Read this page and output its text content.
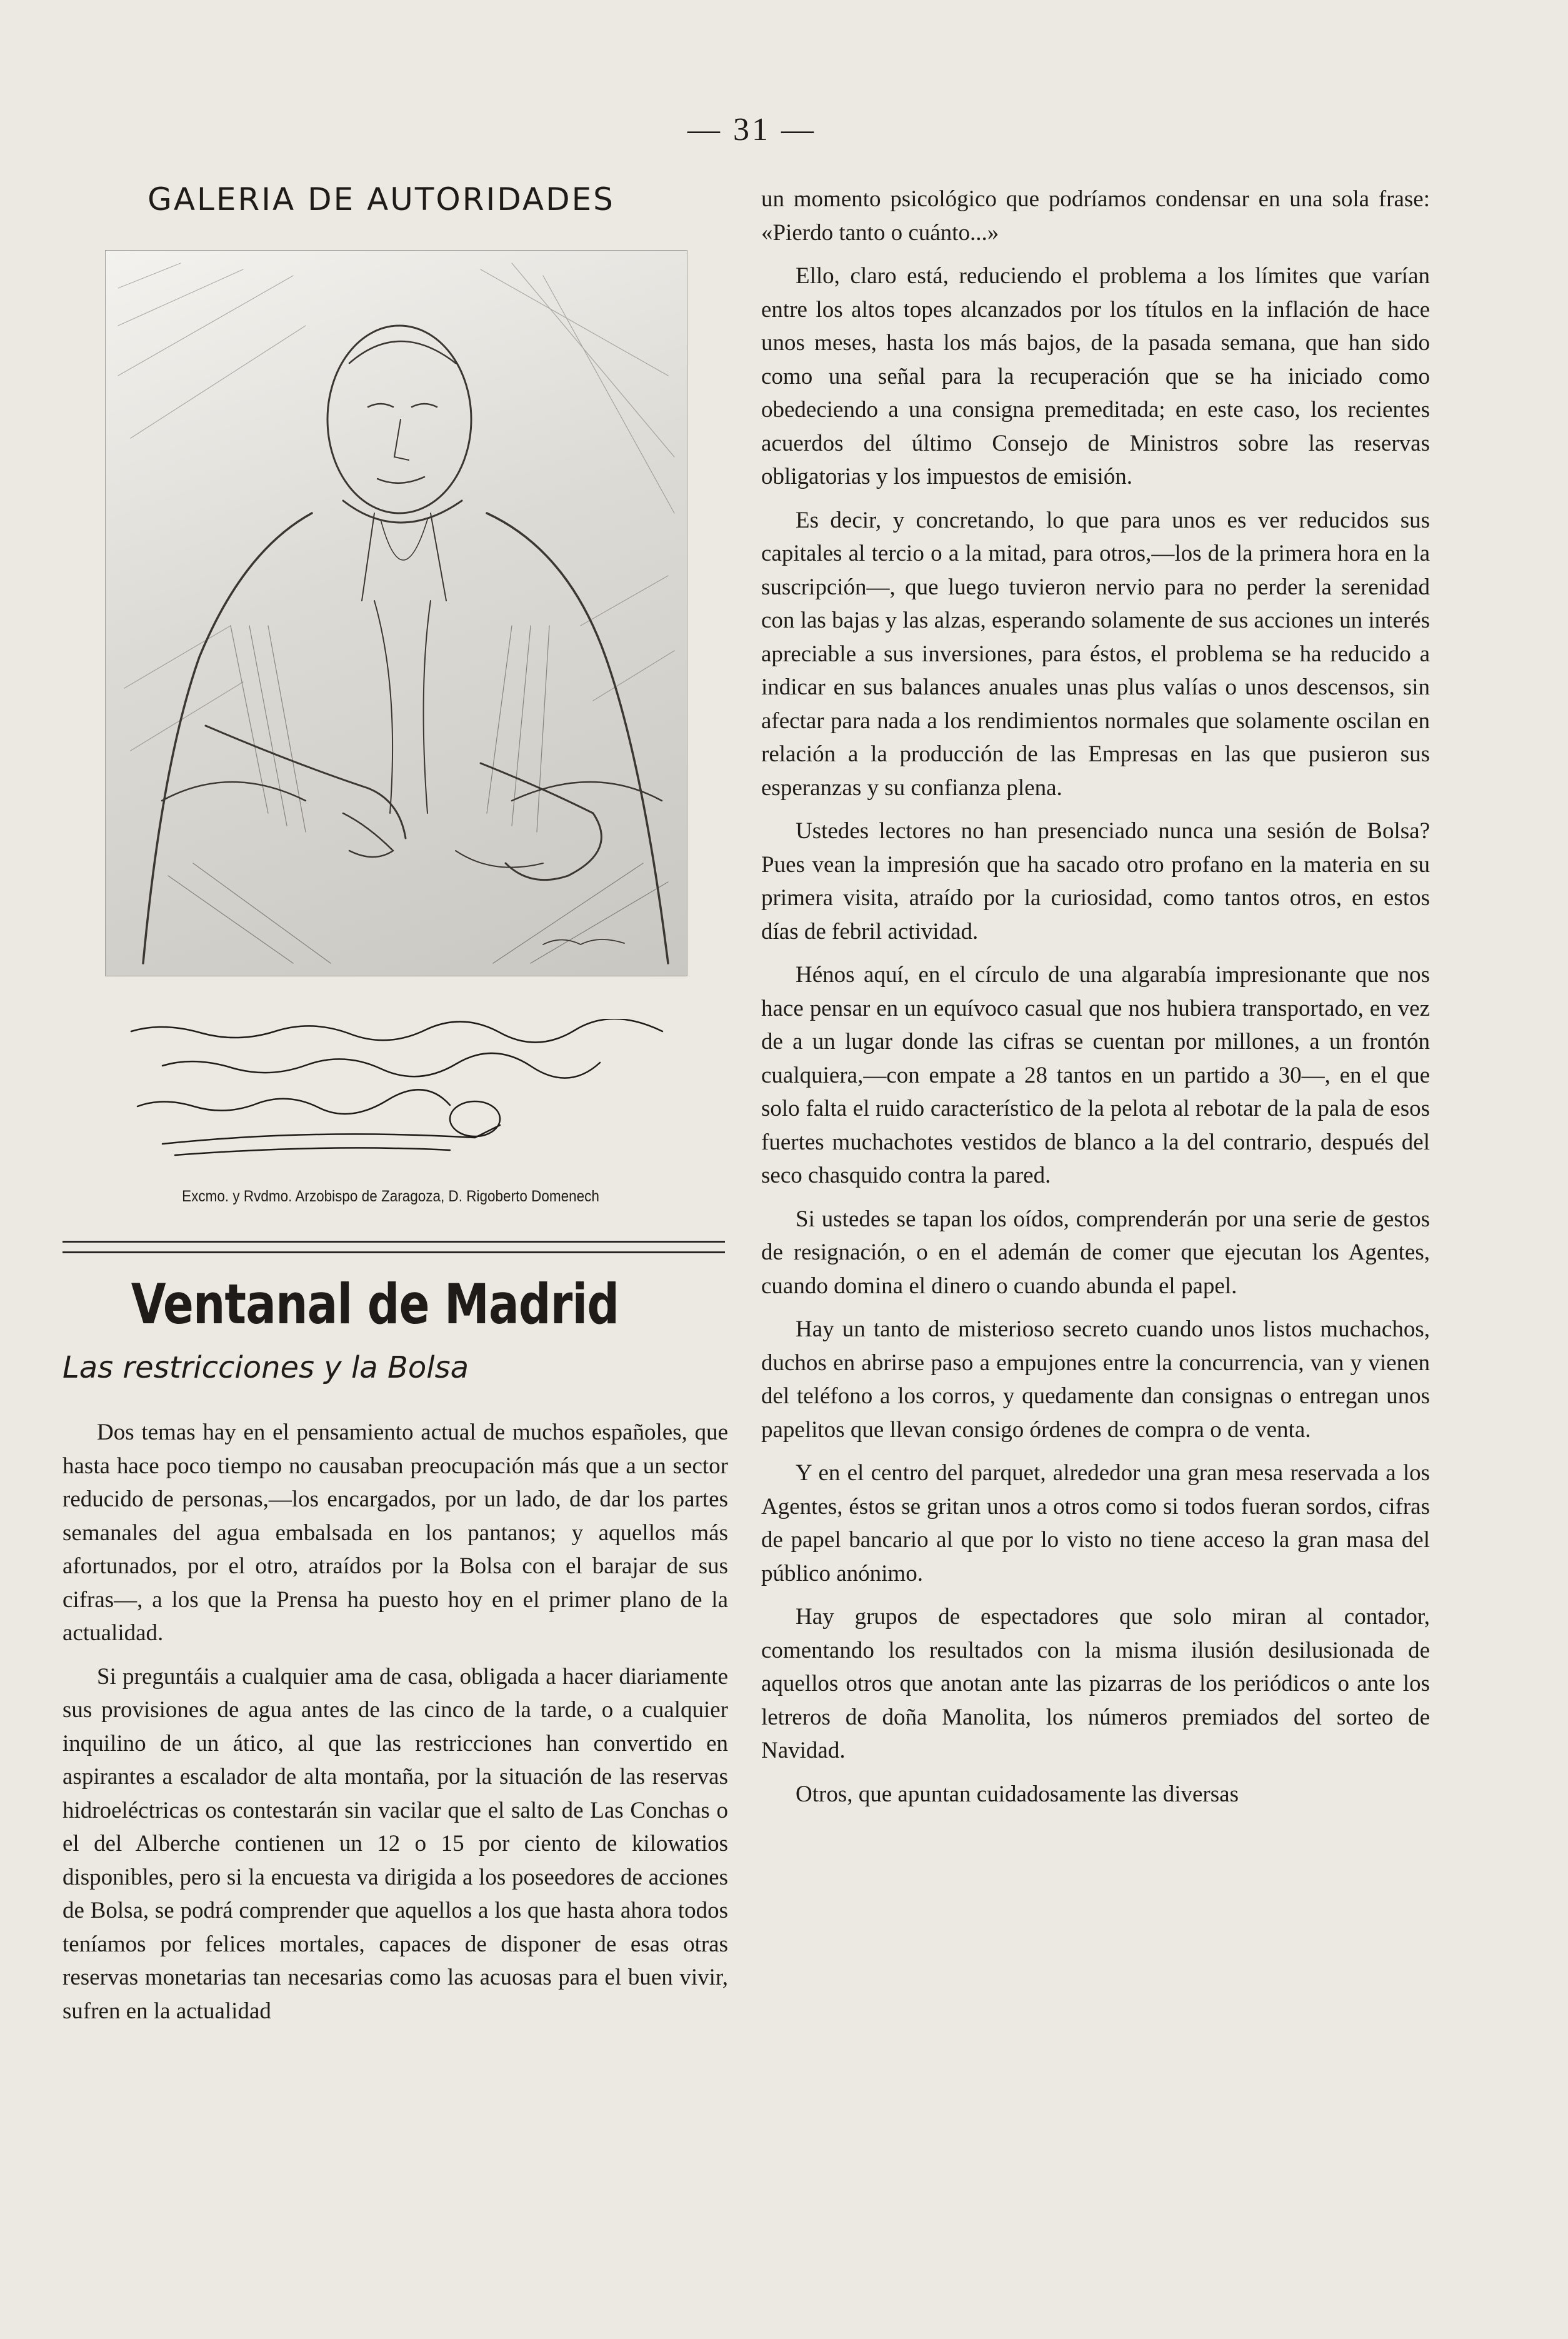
— 31 —
GALERIA DE AUTORIDADES
Excmo. y Rvdmo. Arzobispo de Zaragoza, D. Rigoberto Domenech
Ventanal de Madrid
Las restricciones y la Bolsa

Dos temas hay en el pensamiento actual de muchos españoles, que hasta hace poco tiempo no causaban preocupación más que a un sector reducido de personas,—los encargados, por un lado, de dar los partes semanales del agua embalsada en los pantanos; y aquellos más afortunados, por el otro, atraídos por la Bolsa con el barajar de sus cifras—, a los que la Prensa ha puesto hoy en el primer plano de la actualidad.

Si preguntáis a cualquier ama de casa, obligada a hacer diariamente sus provisiones de agua antes de las cinco de la tarde, o a cualquier inquilino de un ático, al que las restricciones han convertido en aspirantes a escalador de alta montaña, por la situación de las reservas hidroeléctricas os contestarán sin vacilar que el salto de Las Conchas o el del Alberche contienen un 12 o 15 por ciento de kilowatios disponibles, pero si la encuesta va dirigida a los poseedores de acciones de Bolsa, se podrá comprender que aquellos a los que hasta ahora todos teníamos por felices mortales, capaces de disponer de esas otras reservas monetarias tan necesarias como las acuosas para el buen vivir, sufren en la actualidad

un momento psicológico que podríamos condensar en una sola frase: «Pierdo tanto o cuánto...»

Ello, claro está, reduciendo el problema a los límites que varían entre los altos topes alcanzados por los títulos en la inflación de hace unos meses, hasta los más bajos, de la pasada semana, que han sido como una señal para la recuperación que se ha iniciado como obedeciendo a una consigna premeditada; en este caso, los recientes acuerdos del último Consejo de Ministros sobre las reservas obligatorias y los impuestos de emisión.

Es decir, y concretando, lo que para unos es ver reducidos sus capitales al tercio o a la mitad, para otros,—los de la primera hora en la suscripción—, que luego tuvieron nervio para no perder la serenidad con las bajas y las alzas, esperando solamente de sus acciones un interés apreciable a sus inversiones, para éstos, el problema se ha reducido a indicar en sus balances anuales unas plus valías o unos descensos, sin afectar para nada a los rendimientos normales que solamente oscilan en relación a la producción de las Empresas en las que pusieron sus esperanzas y su confianza plena.

Ustedes lectores no han presenciado nunca una sesión de Bolsa? Pues vean la impresión que ha sacado otro profano en la materia en su primera visita, atraído por la curiosidad, como tantos otros, en estos días de febril actividad.

Hénos aquí, en el círculo de una algarabía impresionante que nos hace pensar en un equívoco casual que nos hubiera transportado, en vez de a un lugar donde las cifras se cuentan por millones, a un frontón cualquiera,—con empate a 28 tantos en un partido a 30—, en el que solo falta el ruido característico de la pelota al rebotar de la pala de esos fuertes muchachotes vestidos de blanco a la del contrario, después del seco chasquido contra la pared.

Si ustedes se tapan los oídos, comprenderán por una serie de gestos de resignación, o en el ademán de comer que ejecutan los Agentes, cuando domina el dinero o cuando abunda el papel.

Hay un tanto de misterioso secreto cuando unos listos muchachos, duchos en abrirse paso a empujones entre la concurrencia, van y vienen del teléfono a los corros, y quedamente dan consignas o entregan unos papelitos que llevan consigo órdenes de compra o de venta.

Y en el centro del parquet, alrededor una gran mesa reservada a los Agentes, éstos se gritan unos a otros como si todos fueran sordos, cifras de papel bancario al que por lo visto no tiene acceso la gran masa del público anónimo.

Hay grupos de espectadores que solo miran al contador, comentando los resultados con la misma ilusión desilusionada de aquellos otros que anotan ante las pizarras de los periódicos o ante los letreros de doña Manolita, los números premiados del sorteo de Navidad.

Otros, que apuntan cuidadosamente las diversas
